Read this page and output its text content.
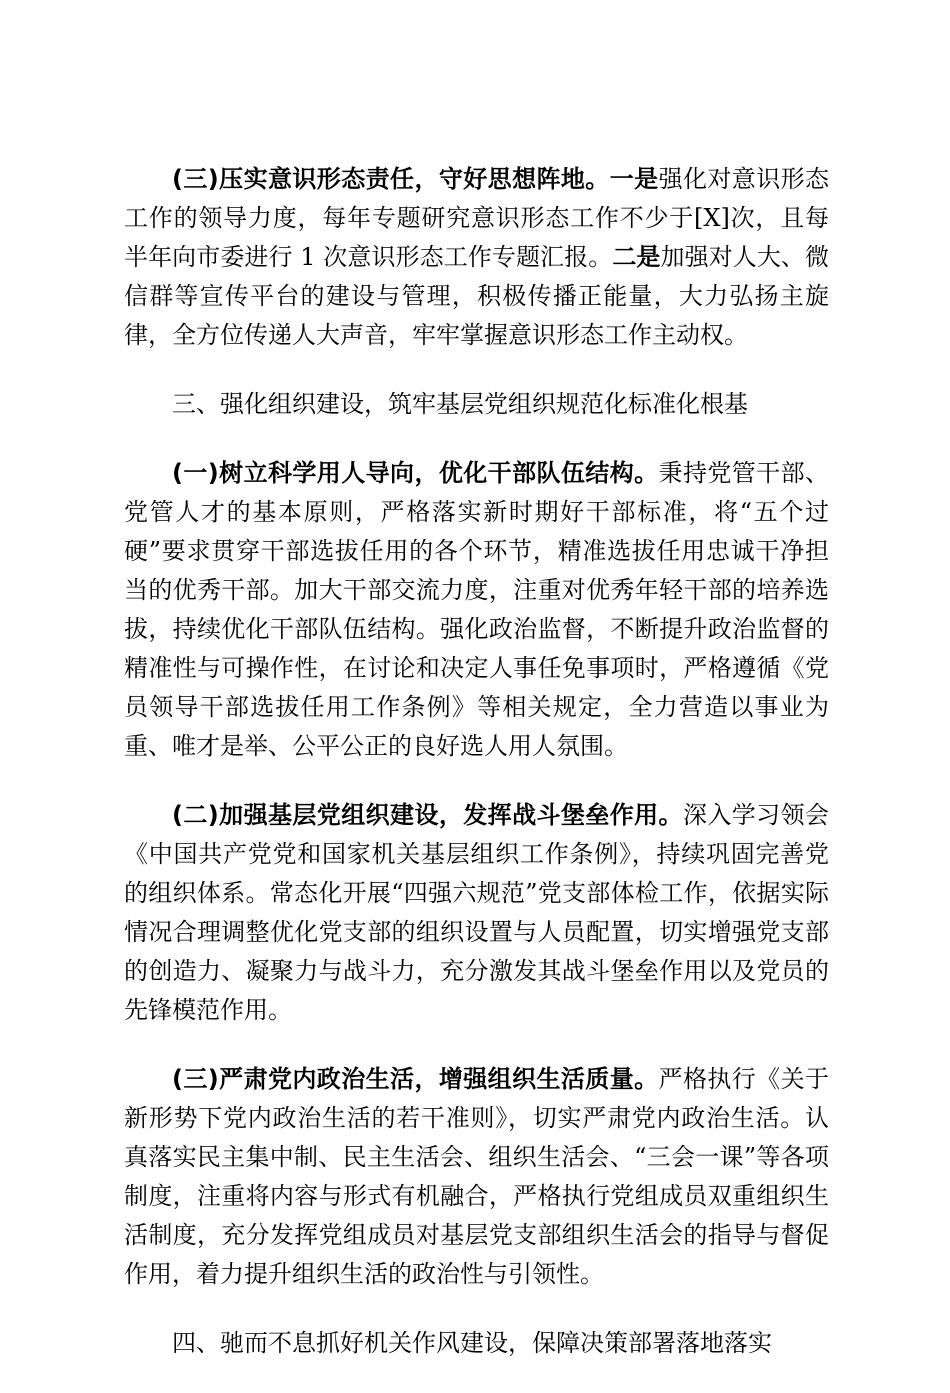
(三)压实意识形态责任，守好思想阵地。一是强化对意识形态工作的领导力度，每年专题研究意识形态工作不少于[X]次，且每半年向市委进行 1 次意识形态工作专题汇报。二是加强对人大、微信群等宣传平台的建设与管理，积极传播正能量，大力弘扬主旋律，全方位传递人大声音，牢牢掌握意识形态工作主动权。

三、强化组织建设，筑牢基层党组织规范化标准化根基

(一)树立科学用人导向，优化干部队伍结构。秉持党管干部、党管人才的基本原则，严格落实新时期好干部标准，将“五个过硬”要求贯穿干部选拔任用的各个环节，精准选拔任用忠诚干净担当的优秀干部。加大干部交流力度，注重对优秀年轻干部的培养选拔，持续优化干部队伍结构。强化政治监督，不断提升政治监督的精准性与可操作性，在讨论和决定人事任免事项时，严格遵循《党员领导干部选拔任用工作条例》等相关规定，全力营造以事业为重、唯才是举、公平公正的良好选人用人氛围。

(二)加强基层党组织建设，发挥战斗堡垒作用。深入学习领会《中国共产党党和国家机关基层组织工作条例》，持续巩固完善党的组织体系。常态化开展“四强六规范”党支部体检工作，依据实际情况合理调整优化党支部的组织设置与人员配置，切实增强党支部的创造力、凝聚力与战斗力，充分激发其战斗堡垒作用以及党员的先锋模范作用。

(三)严肃党内政治生活，增强组织生活质量。严格执行《关于新形势下党内政治生活的若干准则》，切实严肃党内政治生活。认真落实民主集中制、民主生活会、组织生活会、“三会一课”等各项制度，注重将内容与形式有机融合，严格执行党组成员双重组织生活制度，充分发挥党组成员对基层党支部组织生活会的指导与督促作用，着力提升组织生活的政治性与引领性。

四、驰而不息抓好机关作风建设，保障决策部署落地落实
